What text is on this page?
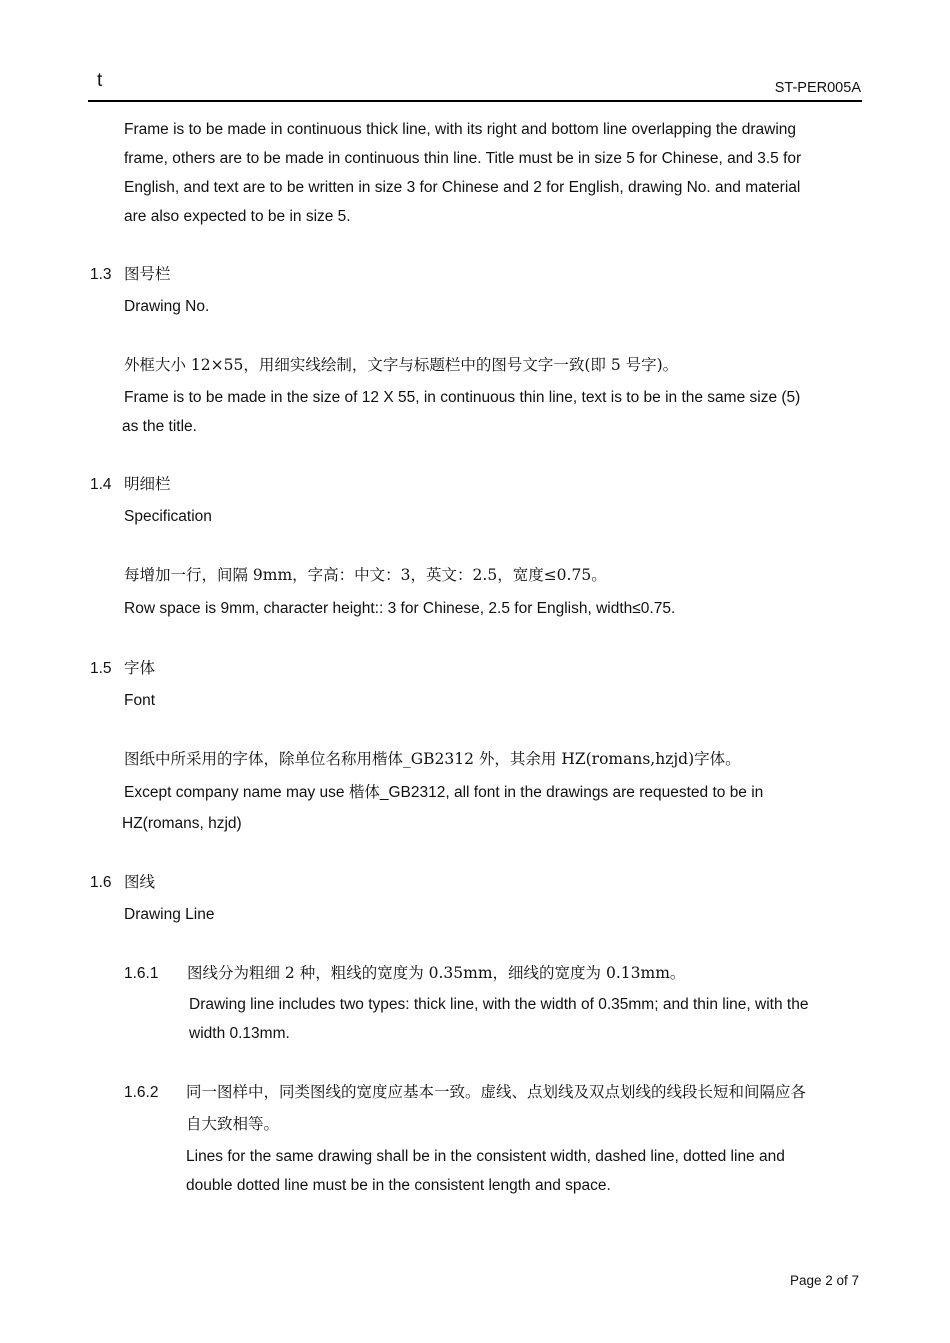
t	ST-PER005A
Frame is to be made in continuous thick line, with its right and bottom line overlapping the drawing
frame, others are to be made in continuous thin line. Title must be in size 5 for Chinese, and 3.5 for
English, and text are to be written in size 3 for Chinese and 2 for English, drawing No. and material
are also expected to be in size 5.
1.3 图号栏
Drawing No.
外框大小 12×55，用细实线绘制，文字与标题栏中的图号文字一致(即 5 号字)。
Frame is to be made in the size of 12 X 55, in continuous thin line, text is to be in the same size (5)
as the title.
1.4 明细栏
Specification
每增加一行，间隔 9mm，字高：中文：3，英文：2.5，宽度≤0.75。
Row space is 9mm, character height:: 3 for Chinese, 2.5 for English, width≤0.75.
1.5 字体
Font
图纸中所采用的字体，除单位名称用楷体_GB2312 外，其余用 HZ(romans,hzjd)字体。
Except company name may use 楷体_GB2312, all font in the drawings are requested to be in
HZ(romans, hzjd)
1.6 图线
Drawing Line
1.6.1 图线分为粗细 2 种，粗线的宽度为 0.35mm，细线的宽度为 0.13mm。
Drawing line includes two types: thick line, with the width of 0.35mm; and thin line, with the
width 0.13mm.
1.6.2 同一图样中，同类图线的宽度应基本一致。虚线、点划线及双点划线的线段长短和间隔应各
自大致相等。
Lines for the same drawing shall be in the consistent width, dashed line, dotted line and
double dotted line must be in the consistent length and space.
Page 2 of 7
